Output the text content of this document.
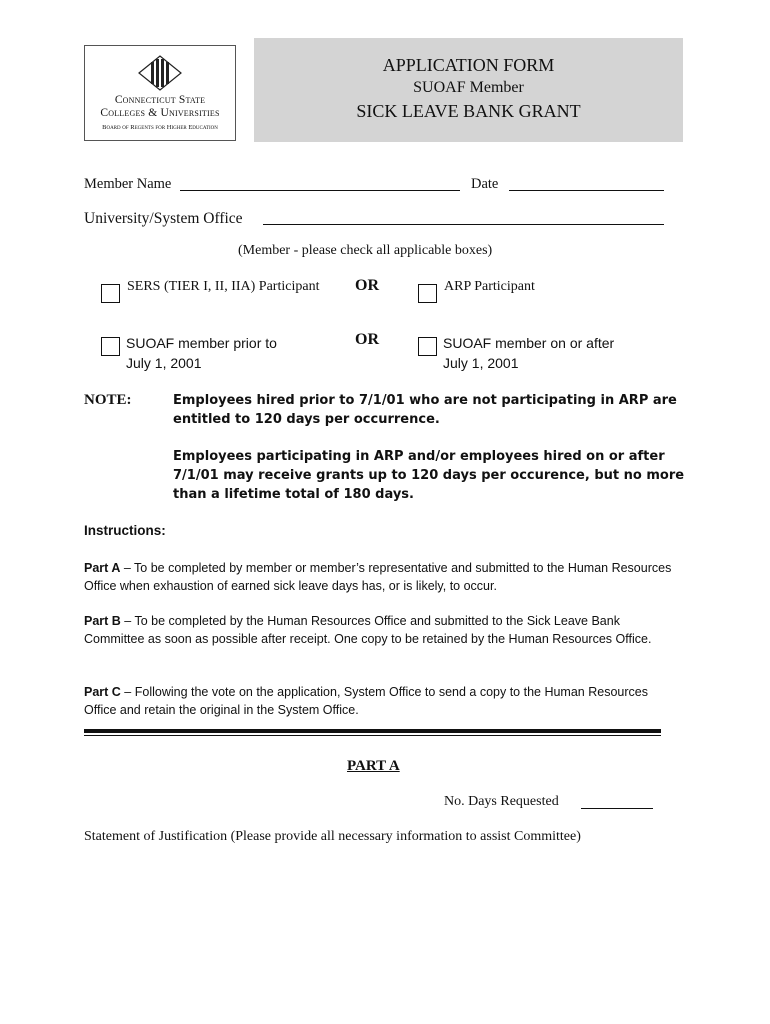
Connecticut State
Colleges & Universities
Board of Regents for Higher Education
APPLICATION FORM
SUOAF Member
SICK LEAVE BANK GRANT
Member Name	Date
University/System Office
(Member - please check all applicable boxes)
SERS (TIER I, II, IIA) Participant OR	ARP Participant
SUOAF member prior to
July 1, 2001
OR	SUOAF member on or after
July 1, 2001
NOTE:	Employees hired prior to 7/1/01 who are not participating in ARP are entitled to 120 days per occurrence.
Employees participating in ARP and/or employees hired on or after 7/1/01 may receive grants up to 120 days per occurence, but no more than a lifetime total of 180 days.
Instructions:
Part A – To be completed by member or member’s representative and submitted to the Human Resources Office when exhaustion of earned sick leave days has, or is likely, to occur.
Part B – To be completed by the Human Resources Office and submitted to the Sick Leave Bank Committee as soon as possible after receipt. One copy to be retained by the Human Resources Office.
Part C – Following the vote on the application, System Office to send a copy to the Human Resources Office and retain the original in the System Office.
PART A
No. Days Requested
Statement of Justification (Please provide all necessary information to assist Committee)
